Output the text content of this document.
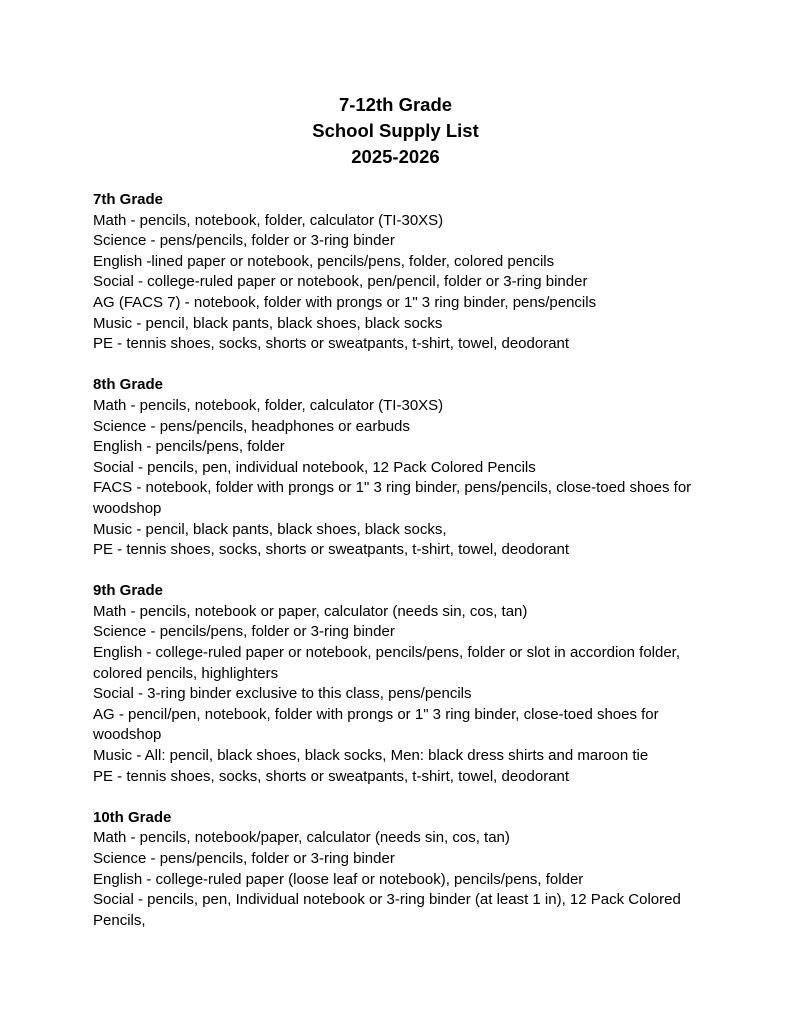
7-12th Grade

School Supply List

2025-2026

7th Grade

Math - pencils, notebook, folder, calculator (TI-30XS)

Science - pens/pencils, folder or 3-ring binder

English -lined paper or notebook, pencils/pens, folder, colored pencils

Social - college-ruled paper or notebook, pen/pencil, folder or 3-ring binder

AG (FACS 7) - notebook, folder with prongs or 1" 3 ring binder, pens/pencils

Music - pencil, black pants, black shoes, black socks

PE - tennis shoes, socks, shorts or sweatpants, t-shirt, towel, deodorant

8th Grade

Math - pencils, notebook, folder, calculator (TI-30XS)

Science - pens/pencils, headphones or earbuds

English - pencils/pens, folder

Social - pencils, pen, individual notebook, 12 Pack Colored Pencils

FACS - notebook, folder with prongs or 1" 3 ring binder, pens/pencils, close-toed shoes for woodshop

Music - pencil, black pants, black shoes, black socks,

PE - tennis shoes, socks, shorts or sweatpants, t-shirt, towel, deodorant

9th Grade

Math - pencils, notebook or paper, calculator (needs sin, cos, tan)

Science - pencils/pens, folder or 3-ring binder

English - college-ruled paper or notebook, pencils/pens, folder or slot in accordion folder, colored pencils, highlighters

Social - 3-ring binder exclusive to this class, pens/pencils

AG - pencil/pen, notebook, folder with prongs or 1" 3 ring binder, close-toed shoes for woodshop

Music - All: pencil, black shoes, black socks, Men: black dress shirts and maroon tie

PE - tennis shoes, socks, shorts or sweatpants, t-shirt, towel, deodorant

10th Grade

Math - pencils, notebook/paper, calculator (needs sin, cos, tan)

Science - pens/pencils, folder or 3-ring binder

English - college-ruled paper (loose leaf or notebook), pencils/pens, folder

Social - pencils, pen, Individual notebook or 3-ring binder (at least 1 in), 12 Pack Colored Pencils,
